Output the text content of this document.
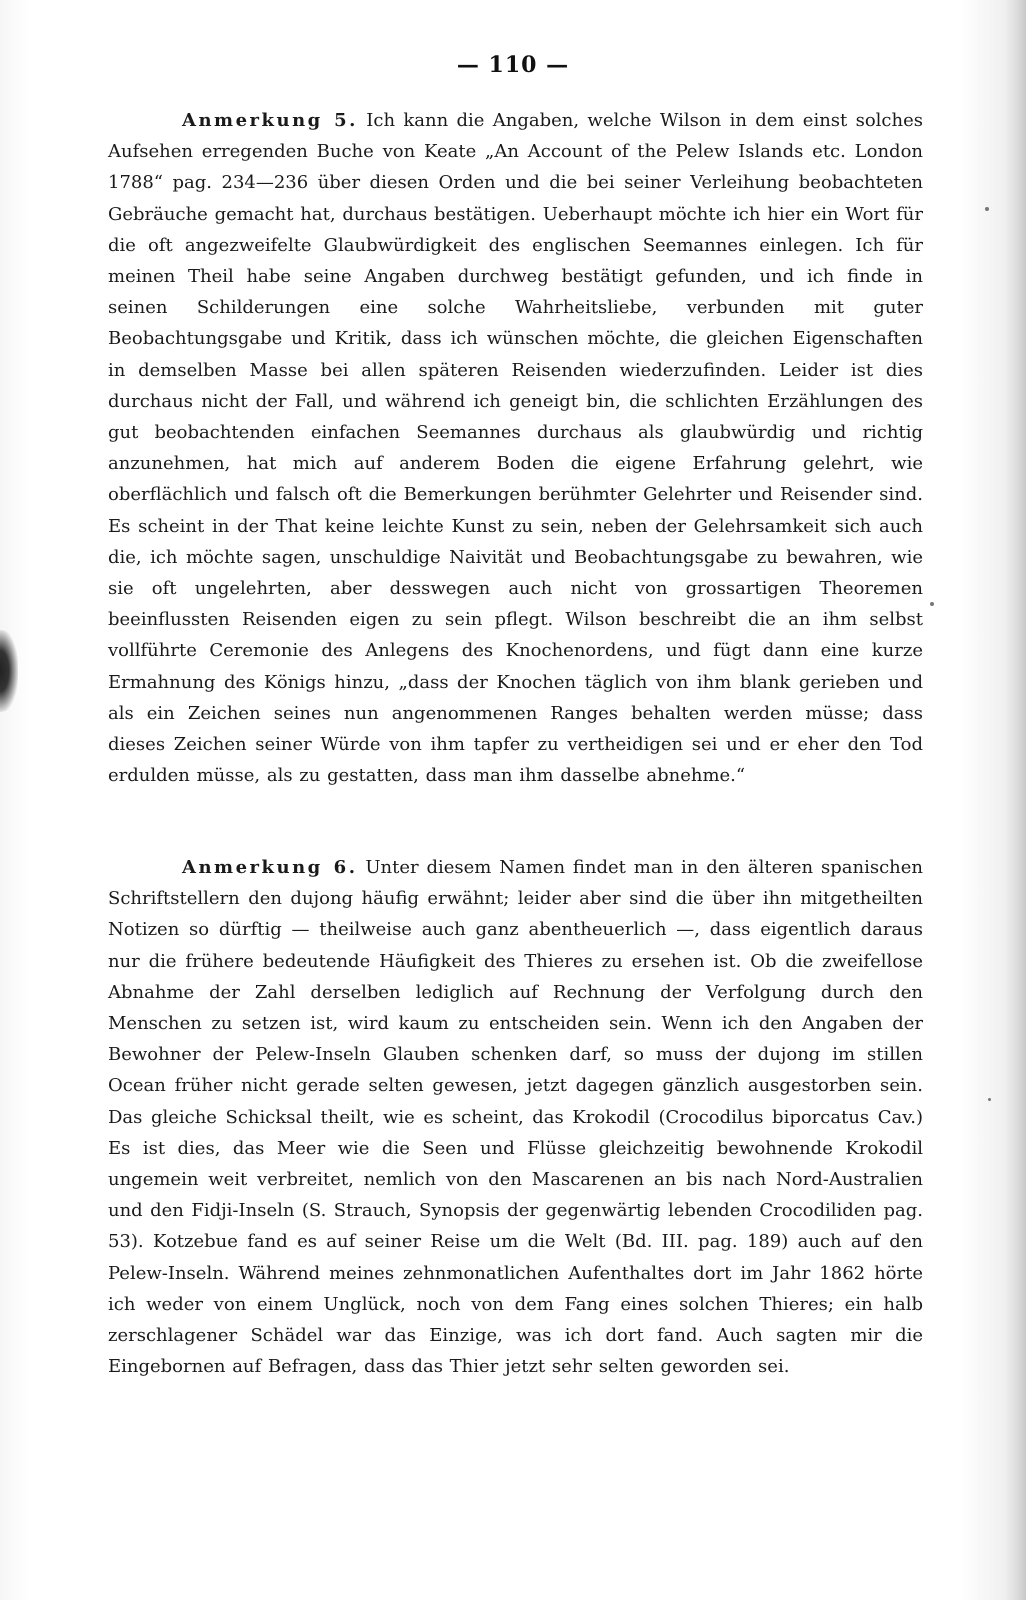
— 110 —

Anmerkung 5. Ich kann die Angaben, welche Wilson in dem einst solches Aufsehen erregenden Buche von Keate „An Account of the Pelew Islands etc. London 1788“ pag. 234—236 über diesen Orden und die bei seiner Verleihung beobachteten Gebräuche gemacht hat, durchaus bestätigen. Ueberhaupt möchte ich hier ein Wort für die oft angezweifelte Glaubwürdigkeit des englischen Seemannes einlegen. Ich für meinen Theil habe seine Angaben durchweg bestätigt gefunden, und ich finde in seinen Schilderungen eine solche Wahrheitsliebe, verbunden mit guter Beobachtungsgabe und Kritik, dass ich wünschen möchte, die gleichen Eigenschaften in demselben Masse bei allen späteren Reisenden wiederzufinden. Leider ist dies durchaus nicht der Fall, und während ich geneigt bin, die schlichten Erzählungen des gut beobachtenden einfachen Seemannes durchaus als glaubwürdig und richtig anzunehmen, hat mich auf anderem Boden die eigene Erfahrung gelehrt, wie oberflächlich und falsch oft die Bemerkungen berühmter Gelehrter und Reisender sind. Es scheint in der That keine leichte Kunst zu sein, neben der Gelehrsamkeit sich auch die, ich möchte sagen, unschuldige Naivität und Beobachtungsgabe zu bewahren, wie sie oft ungelehrten, aber desswegen auch nicht von grossartigen Theoremen beeinflussten Reisenden eigen zu sein pflegt. Wilson beschreibt die an ihm selbst vollführte Ceremonie des Anlegens des Knochenordens, und fügt dann eine kurze Ermahnung des Königs hinzu, „dass der Knochen täglich von ihm blank gerieben und als ein Zeichen seines nun angenommenen Ranges behalten werden müsse; dass dieses Zeichen seiner Würde von ihm tapfer zu vertheidigen sei und er eher den Tod erdulden müsse, als zu gestatten, dass man ihm dasselbe abnehme.“

Anmerkung 6. Unter diesem Namen findet man in den älteren spanischen Schriftstellern den dujong häufig erwähnt; leider aber sind die über ihn mitgetheilten Notizen so dürftig — theilweise auch ganz abentheuerlich —, dass eigentlich daraus nur die frühere bedeutende Häufigkeit des Thieres zu ersehen ist. Ob die zweifellose Abnahme der Zahl derselben lediglich auf Rechnung der Verfolgung durch den Menschen zu setzen ist, wird kaum zu entscheiden sein. Wenn ich den Angaben der Bewohner der Pelew-Inseln Glauben schenken darf, so muss der dujong im stillen Ocean früher nicht gerade selten gewesen, jetzt dagegen gänzlich ausgestorben sein. Das gleiche Schicksal theilt, wie es scheint, das Krokodil (Crocodilus biporcatus Cav.) Es ist dies, das Meer wie die Seen und Flüsse gleichzeitig bewohnende Krokodil ungemein weit verbreitet, nemlich von den Mascarenen an bis nach Nord-Australien und den Fidji-Inseln (S. Strauch, Synopsis der gegenwärtig lebenden Crocodiliden pag. 53). Kotzebue fand es auf seiner Reise um die Welt (Bd. III. pag. 189) auch auf den Pelew-Inseln. Während meines zehnmonatlichen Aufenthaltes dort im Jahr 1862 hörte ich weder von einem Unglück, noch von dem Fang eines solchen Thieres; ein halb zerschlagener Schädel war das Einzige, was ich dort fand. Auch sagten mir die Eingebornen auf Befragen, dass das Thier jetzt sehr selten geworden sei.
